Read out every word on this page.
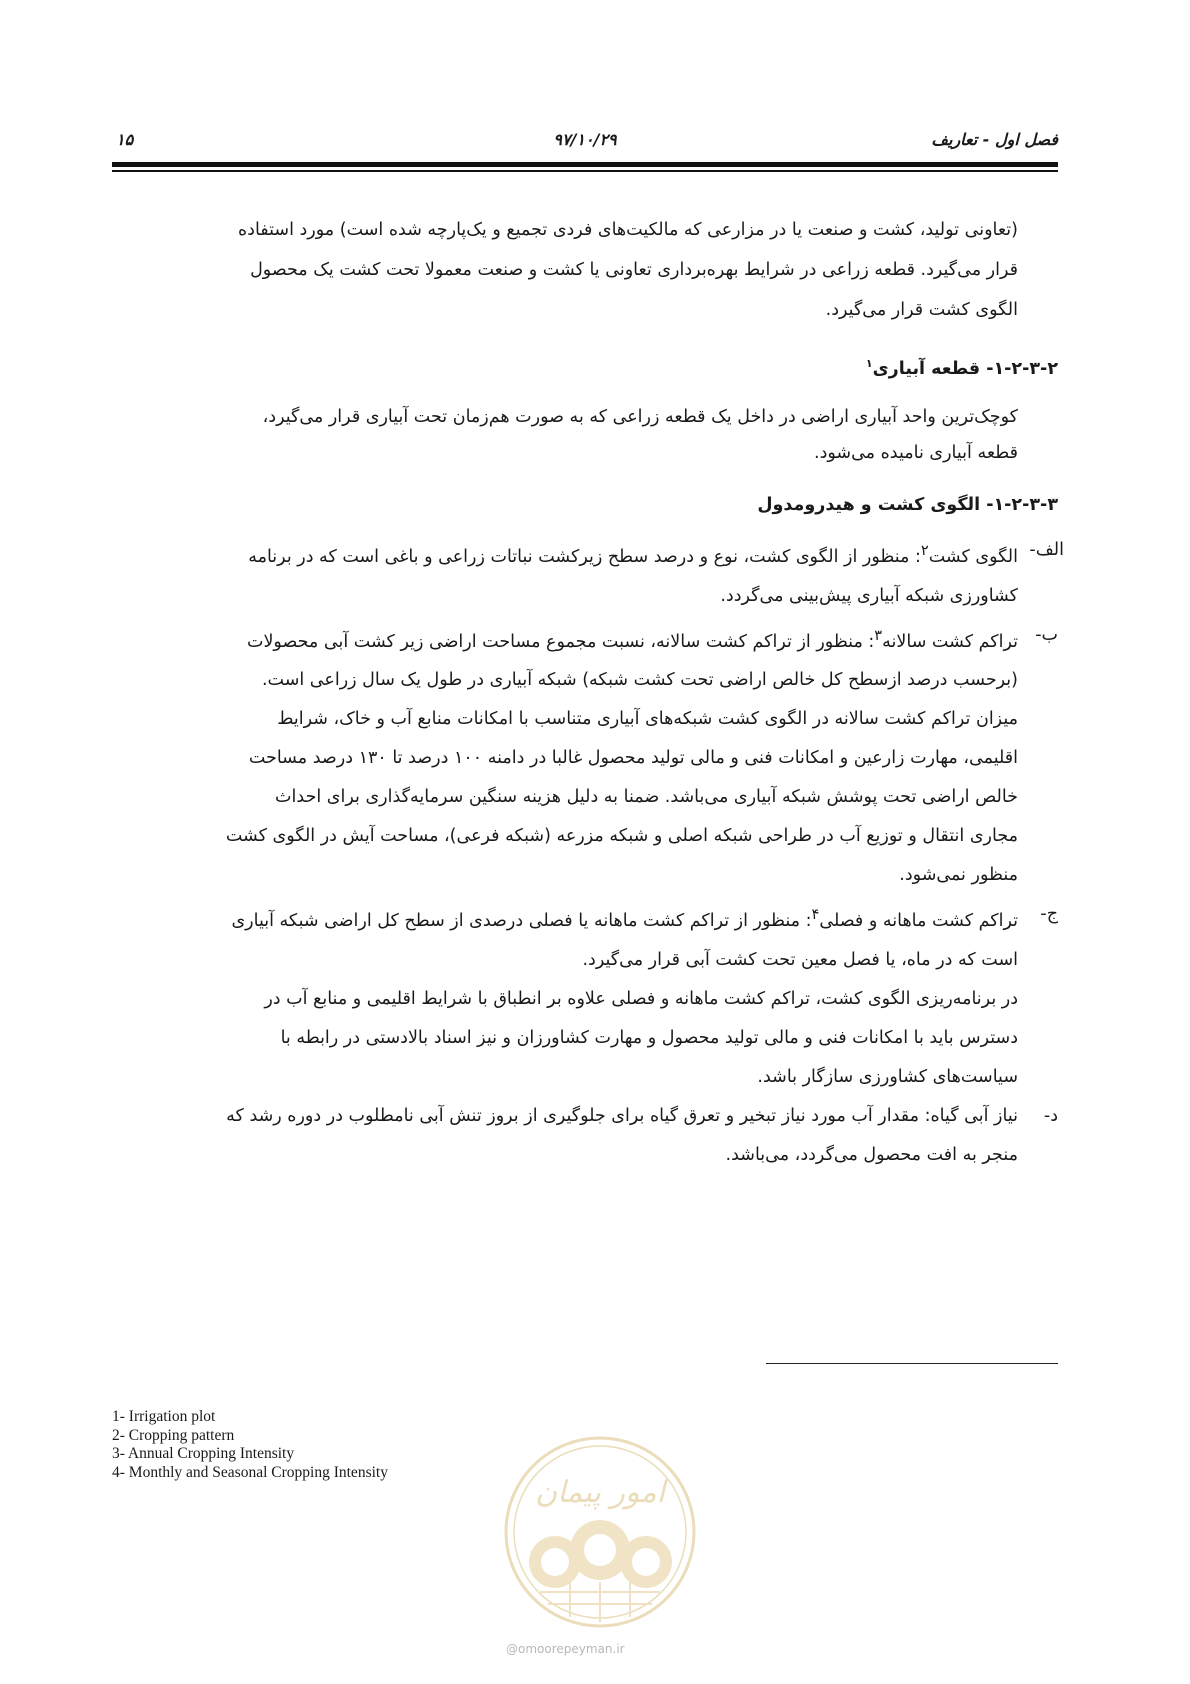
فصل اول - تعاریف
۹۷/۱۰/۲۹
۱۵
(تعاونی تولید، کشت و صنعت یا در مزارعی که مالکیت‌های فردی تجمیع و یک‌پارچه شده است) مورد استفاده
قرار می‌گیرد. قطعه زراعی در شرایط بهره‌برداری تعاونی یا کشت و صنعت معمولا تحت کشت یک محصول
الگوی کشت قرار می‌گیرد.
۱-۲-۳-۲- قطعه آبیاری$^۱$
کوچک‌ترین واحد آبیاری اراضی در داخل یک قطعه زراعی که به صورت هم‌زمان تحت آبیاری قرار می‌گیرد،
قطعه آبیاری نامیده می‌شود.
۱-۲-۳-۳- الگوی کشت و هیدرومدول
الف-
الگوی کشت$^۲$: منظور از الگوی کشت، نوع و درصد سطح زیرکشت نباتات زراعی و باغی است که در برنامه
کشاورزی شبکه آبیاری پیش‌بینی می‌گردد.
ب-
تراکم کشت سالانه$^۳$: منظور از تراکم کشت سالانه، نسبت مجموع مساحت اراضی زیر کشت آبی محصولات
(برحسب درصد ازسطح کل خالص اراضی تحت کشت شبکه) شبکه آبیاری در طول یک سال زراعی است.
میزان تراکم کشت سالانه در الگوی کشت شبکه‌های آبیاری متناسب با امکانات منابع آب و خاک، شرایط
اقلیمی، مهارت زارعین و امکانات فنی و مالی تولید محصول غالبا در دامنه ۱۰۰ درصد تا ۱۳۰ درصد مساحت
خالص اراضی تحت پوشش شبکه آبیاری می‌باشد. ضمنا به دلیل هزینه سنگین سرمایه‌گذاری برای احداث
مجاری انتقال و توزیع آب در طراحی شبکه اصلی و شبکه مزرعه (شبکه فرعی)، مساحت آیش در الگوی کشت
منظور نمی‌شود.
ج-
تراکم کشت ماهانه و فصلی$^۴$: منظور از تراکم کشت ماهانه یا فصلی درصدی از سطح کل اراضی شبکه آبیاری
است که در ماه، یا فصل معین تحت کشت آبی قرار می‌گیرد.
در برنامه‌ریزی الگوی کشت، تراکم کشت ماهانه و فصلی علاوه بر انطباق با شرایط اقلیمی و منابع آب در
دسترس باید با امکانات فنی و مالی تولید محصول و مهارت کشاورزان و نیز اسناد بالادستی در رابطه با
سیاست‌های کشاورزی سازگار باشد.
د-
نیاز آبی گیاه: مقدار آب مورد نیاز تبخیر و تعرق گیاه برای جلوگیری از بروز تنش آبی نامطلوب در دوره رشد که
منجر به افت محصول می‌گردد، می‌باشد.
1- Irrigation plot
2- Cropping pattern
3- Annual Cropping Intensity
4- Monthly and Seasonal Cropping Intensity
امور پیمان
@omoorepeyman.ir
